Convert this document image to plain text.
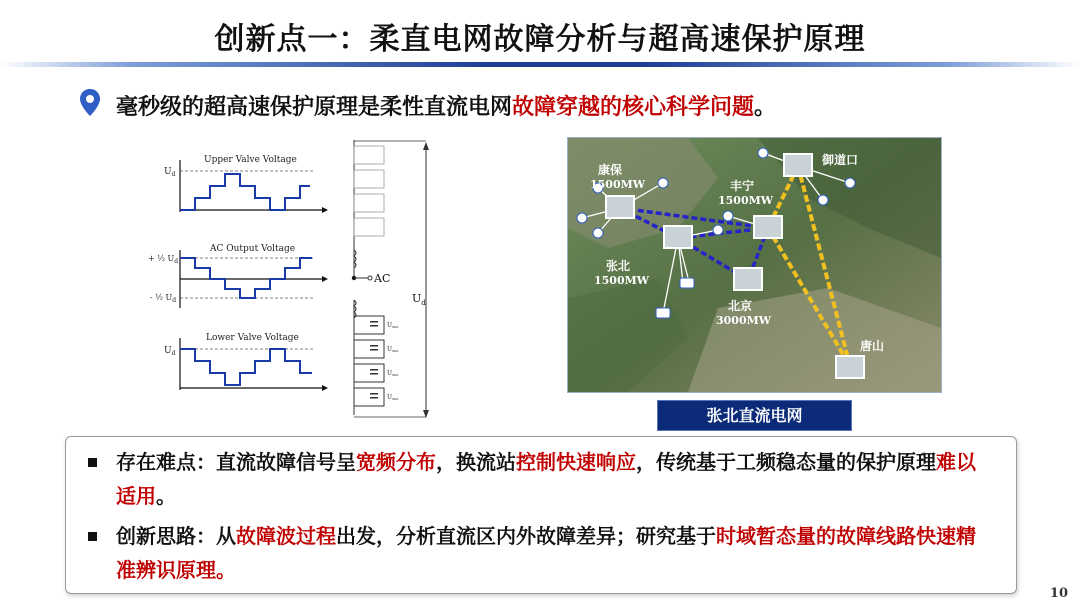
创新点一：柔直电网故障分析与超高速保护原理
毫秒级的超高速保护原理是柔性直流电网故障穿越的核心科学问题。
Upper Valve Voltage
$U_d$
AC Output Voltage
+ ½ $U_d$
- ½ $U_d$
Lower Valve Voltage
$U_d$
AC
Usm
Usm
Usm
Usm
$U_d$
康保
1500MW	丰宁
1500MW
御道口
张北
1500MW
北京
3000MW
唐山
张北直流电网
存在难点：直流故障信号呈宽频分布，换流站控制快速响应，传统基于工频稳态量的保护原理难以适用。
创新思路：从故障波过程出发，分析直流区内外故障差异；研究基于时域暂态量的故障线路快速精准辨识原理。
10
